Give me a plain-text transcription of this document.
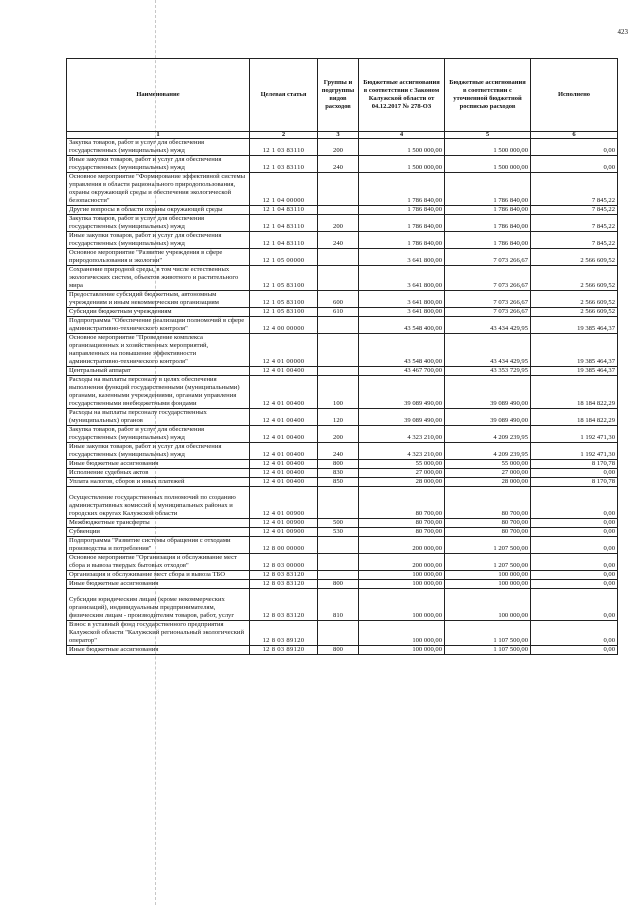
423
Наименование	Целевая статья	Группы и подгруппы видов расходов	Бюджетные ассигнования в соответствии с Законом Калужской области от 04.12.2017 № 278-ОЗ	Бюджетные ассигнования в соответствии с уточненной бюджетной росписью расходов	Исполнено
1	2	3	4	5	6
Закупка товаров, работ и услуг для обеспечения государственных (муниципальных) нужд	12 1 03 83110	200	1 500 000,00	1 500 000,00	0,00
Иные закупки товаров, работ и услуг для обеспечения государственных (муниципальных) нужд	12 1 03 83110	240	1 500 000,00	1 500 000,00	0,00
Основное мероприятие "Формирование эффективной системы управления в области рационального природопользования, охраны окружающей среды и обеспечения экологической безопасности"	12 1 04 00000		1 786 840,00	1 786 840,00	7 845,22
Другие вопросы в области охраны окружающей среды	12 1 04 83110		1 786 840,00	1 786 840,00	7 845,22
Закупка товаров, работ и услуг для обеспечения государственных (муниципальных) нужд	12 1 04 83110	200	1 786 840,00	1 786 840,00	7 845,22
Иные закупки товаров, работ и услуг для обеспечения государственных (муниципальных) нужд	12 1 04 83110	240	1 786 840,00	1 786 840,00	7 845,22
Основное мероприятие "Развитие учреждения в сфере природопользования и экологии"	12 1 05 00000		3 641 800,00	7 073 266,67	2 566 609,52
Сохранение природной среды, в том числе естественных экологических систем, объектов животного и растительного мира	12 1 05 83100		3 641 800,00	7 073 266,67	2 566 609,52
Предоставление субсидий бюджетным, автономным учреждениям и иным некоммерческим организациям	12 1 05 83100	600	3 641 800,00	7 073 266,67	2 566 609,52
Субсидии бюджетным учреждениям	12 1 05 83100	610	3 641 800,00	7 073 266,67	2 566 609,52
Подпрограмма "Обеспечение реализации полномочий в сфере административно-технического контроля"	12 4 00 00000		43 548 400,00	43 434 429,95	19 385 464,37
Основное мероприятие "Проведение комплекса организационных и хозяйственных мероприятий, направленных на повышение эффективности административно-технического контроля"	12 4 01 00000		43 548 400,00	43 434 429,95	19 385 464,37
Центральный аппарат	12 4 01 00400		43 467 700,00	43 353 729,95	19 385 464,37
Расходы на выплаты персоналу в целях обеспечения выполнения функций государственными (муниципальными) органами, казенными учреждениями, органами управления государственными внебюджетными фондами	12 4 01 00400	100	39 089 490,00	39 089 490,00	18 184 822,29
Расходы на выплаты персоналу государственных (муниципальных) органов	12 4 01 00400	120	39 089 490,00	39 089 490,00	18 184 822,29
Закупка товаров, работ и услуг для обеспечения государственных (муниципальных) нужд	12 4 01 00400	200	4 323 210,00	4 209 239,95	1 192 471,30
Иные закупки товаров, работ и услуг для обеспечения государственных (муниципальных) нужд	12 4 01 00400	240	4 323 210,00	4 209 239,95	1 192 471,30
Иные бюджетные ассигнования	12 4 01 00400	800	55 000,00	55 000,00	8 170,78
Исполнение судебных актов	12 4 01 00400	830	27 000,00	27 000,00	0,00
Уплата налогов, сборов и иных платежей	12 4 01 00400	850	28 000,00	28 000,00	8 170,78
Осуществление государственных полномочий по созданию административных комиссий в муниципальных районах и городских округах Калужской области	12 4 01 00900		80 700,00	80 700,00	0,00
Межбюджетные трансферты	12 4 01 00900	500	80 700,00	80 700,00	0,00
Субвенции	12 4 01 00900	530	80 700,00	80 700,00	0,00
Подпрограмма "Развитие системы обращения с отходами производства и потребления"	12 8 00 00000		200 000,00	1 207 500,00	0,00
Основное мероприятие "Организация и обслуживание мест сбора и вывоза твердых бытовых отходов"	12 8 03 00000		200 000,00	1 207 500,00	0,00
Организация и обслуживание мест сбора и вывоза ТБО	12 8 03 83120		100 000,00	100 000,00	0,00
Иные бюджетные ассигнования	12 8 03 83120	800	100 000,00	100 000,00	0,00
Субсидии юридическим лицам (кроме некоммерческих организаций), индивидуальным предпринимателям, физическим лицам - производителям товаров, работ, услуг	12 8 03 83120	810	100 000,00	100 000,00	0,00
Взнос в уставный фонд государственного предприятия Калужской области "Калужский региональный экологический оператор"	12 8 03 89120		100 000,00	1 107 500,00	0,00
Иные бюджетные ассигнования	12 8 03 89120	800	100 000,00	1 107 500,00	0,00
